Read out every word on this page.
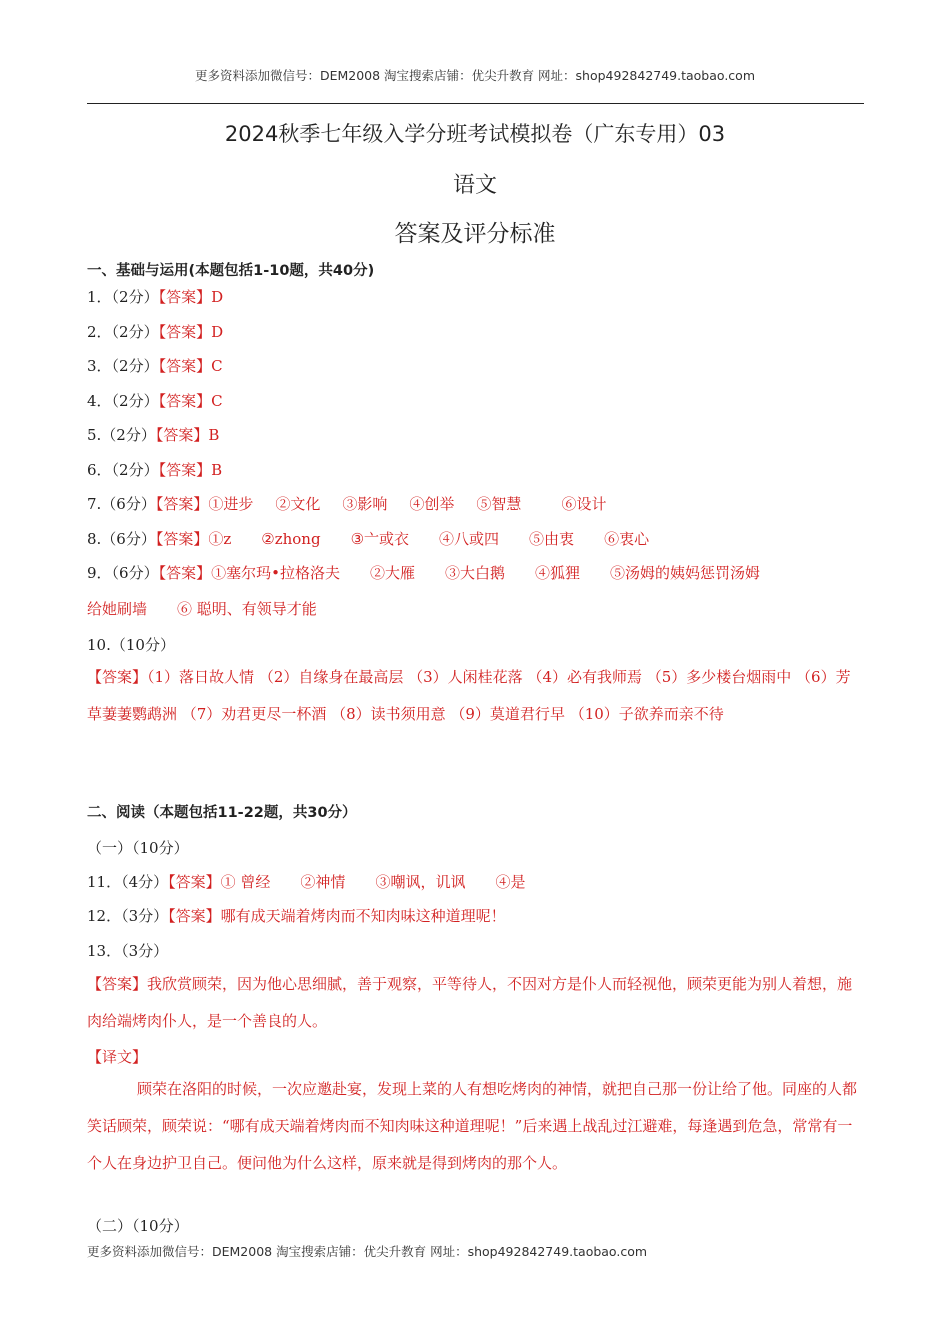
更多资料添加微信号：DEM2008 淘宝搜索店铺：优尖升教育 网址：shop492842749.taobao.com
2024秋季七年级入学分班考试模拟卷（广东专用）03
语文
答案及评分标准
一、基础与运用(本题包括1-10题，共40分)
1．（2分）【答案】D
2．（2分）【答案】D
3．（2分）【答案】C
4．（2分）【答案】C
5.（2分）【答案】B
6．（2分）【答案】B
7.（6分）【答案】①进步 ②文化 ③影响 ④创举 ⑤智慧	⑥设计
8.（6分）【答案】①z ②zhong ③亠或衣 ④八或四 ⑤由衷 ⑥衷心
9．（6分）【答案】①塞尔玛•拉格洛夫 ②大雁 ③大白鹅 ④狐狸 ⑤汤姆的姨妈惩罚汤姆
给她刷墙 ⑥ 聪明、有领导才能
10.（10分）
【答案】（1）落日故人情 （2）自缘身在最高层 （3）人闲桂花落 （4）必有我师焉 （5）多少楼台烟雨中 （6）芳草萋萋鹦鹉洲 （7）劝君更尽一杯酒 （8）读书须用意 （9）莫道君行早 （10）子欲养而亲不待
二、阅读（本题包括11-22题，共30分）
（一）（10分）
11．（4分）【答案】① 曾经 ②神情 ③嘲讽，讥讽 ④是
12．（3分）【答案】哪有成天端着烤肉而不知肉味这种道理呢！
13．（3分）
【答案】我欣赏顾荣，因为他心思细腻，善于观察，平等待人，不因对方是仆人而轻视他，顾荣更能为别人着想，施肉给端烤肉仆人，是一个善良的人。
【译文】
顾荣在洛阳的时候，一次应邀赴宴，发现上菜的人有想吃烤肉的神情，就把自己那一份让给了他。同座的人都笑话顾荣，顾荣说：“哪有成天端着烤肉而不知肉味这种道理呢！”后来遇上战乱过江避难，每逢遇到危急，常常有一个人在身边护卫自己。便问他为什么这样，原来就是得到烤肉的那个人。
（二）（10分）
更多资料添加微信号：DEM2008 淘宝搜索店铺：优尖升教育 网址：shop492842749.taobao.com
